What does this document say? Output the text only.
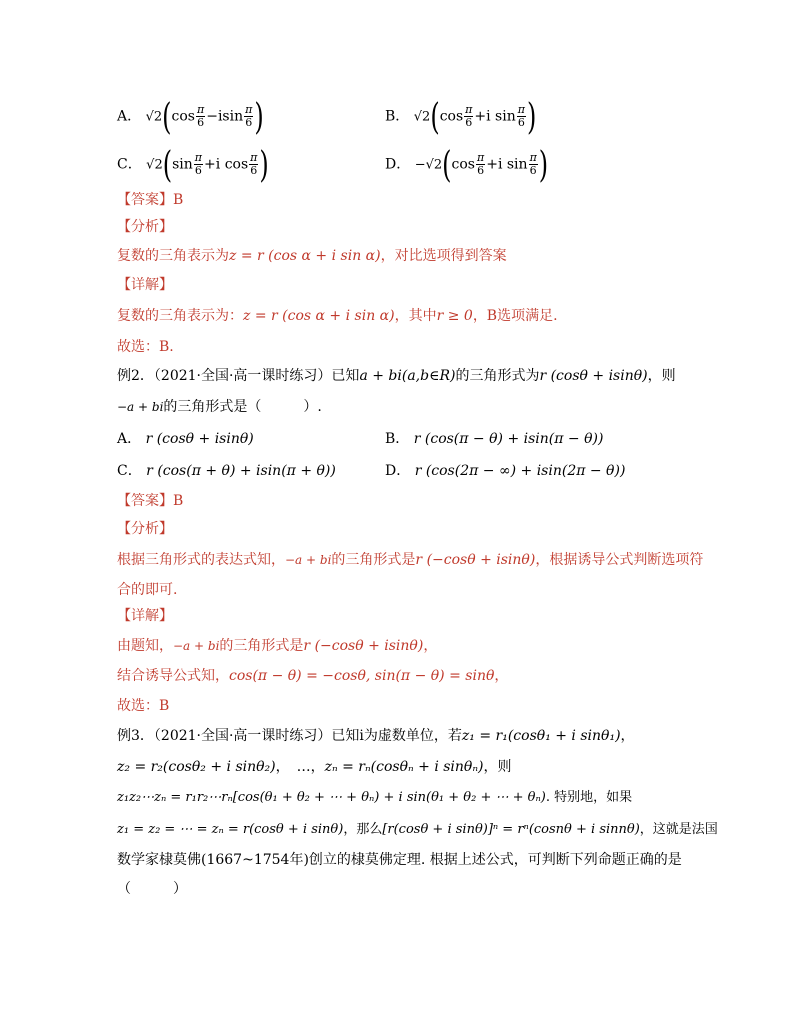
A． $√2(\cos \frac{\pi}{6} -isin \frac{\pi}{6}$ )	B． $√2(\cos \frac{\pi}{6} +i$ $\sin \frac{\pi}{6}$ )
C． $√2(\sin \frac{\pi}{6} +i$ $\cos \frac{\pi}{6}$ )	D． $-√2(\cos \frac{\pi}{6} +i$ $\sin \frac{\pi}{6}$ )
【答案】B
【分析】
复数的三角表示为z = r (cos α + i sin α)，对比选项得到答案
【详解】
复数的三角表示为：z = r (cos α + i sin α)，其中r ≥ 0，B选项满足.
故选：B.
例2．（2021·全国·高一课时练习）已知a + bi(a,b∈R)的三角形式为r (cosθ + isinθ)，则
−a + bi的三角形式是（　　　）.
A． r (cosθ + isinθ)	B． r (cos(π − θ) + isin(π − θ))
C． r (cos(π + θ) + isin(π + θ))	D． r (cos(2π − ∞) + isin(2π − θ))
【答案】B
【分析】
根据三角形式的表达式知，−a + bi的三角形式是r (−cosθ + isinθ)，根据诱导公式判断选项符
合的即可.
【详解】
由题知，−a + bi的三角形式是r (−cosθ + isinθ)，
结合诱导公式知，cos(π − θ) = −cosθ, sin(π − θ) = sinθ，
故选：B
例3．（2021·全国·高一课时练习）已知i为虚数单位，若z₁ = r₁(cosθ₁ + i sinθ₁)，
z₂ = r₂(cosθ₂ + i sinθ₂)，　…，zₙ = rₙ(cosθₙ + i sinθₙ)，则
z₁z₂⋯zₙ = r₁r₂⋯rₙ[cos(θ₁ + θ₂ + ⋯ + θₙ) + i sin(θ₁ + θ₂ + ⋯ + θₙ). 特别地，如果
z₁ = z₂ = ⋯ = zₙ = r(cosθ + i sinθ)，那么[r(cosθ + i sinθ)]ⁿ = rⁿ(cosnθ + i sinnθ)，这就是法国
数学家棣莫佛(1667~1754年)创立的棣莫佛定理. 根据上述公式，可判断下列命题正确的是
（　　　）
